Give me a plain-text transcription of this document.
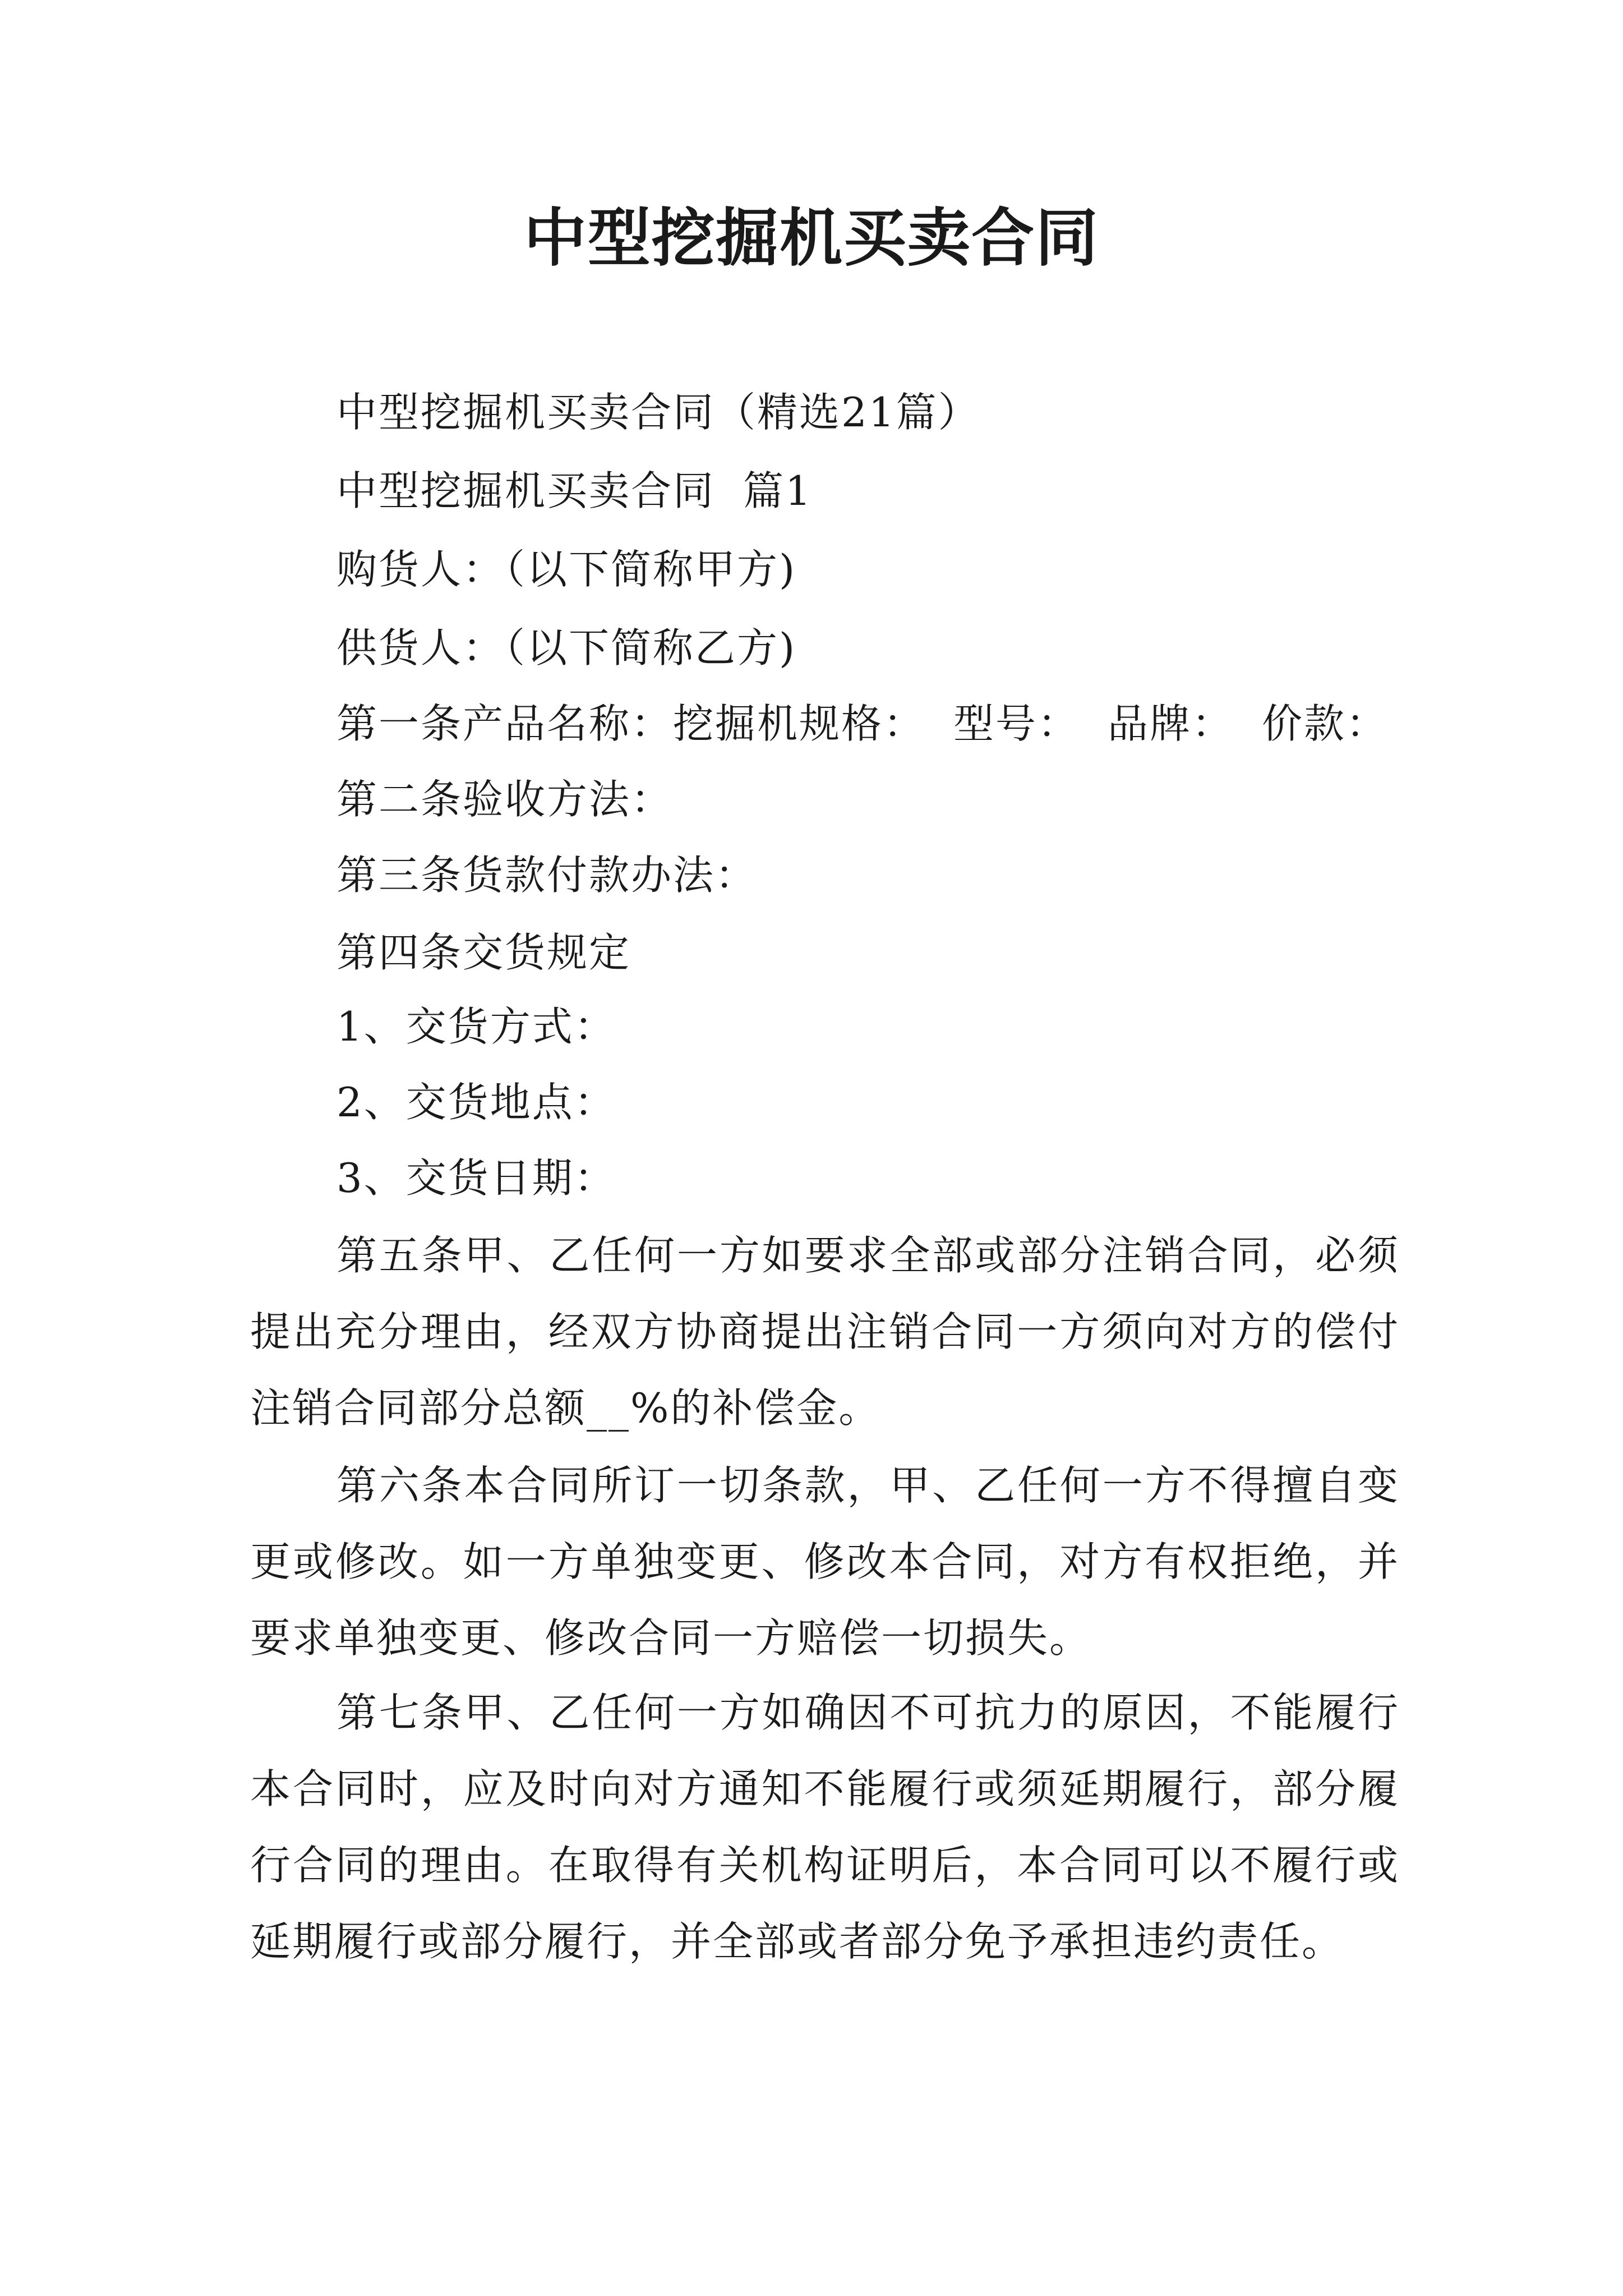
中型挖掘机买卖合同
中型挖掘机买卖合同（精选21篇）
中型挖掘机买卖合同 篇1
购货人：（以下简称甲方)
供货人：（以下简称乙方)
第一条产品名称：挖掘机规格： 型号： 品牌： 价款：
第二条验收方法：
第三条货款付款办法：
第四条交货规定
1、交货方式：
2、交货地点：
3、交货日期：
第五条甲、乙任何一方如要求全部或部分注销合同，必须提出充分理由，经双方协商提出注销合同一方须向对方的偿付注销合同部分总额__%的补偿金。
第六条本合同所订一切条款，甲、乙任何一方不得擅自变更或修改。如一方单独变更、修改本合同，对方有权拒绝，并要求单独变更、修改合同一方赔偿一切损失。
第七条甲、乙任何一方如确因不可抗力的原因，不能履行本合同时，应及时向对方通知不能履行或须延期履行，部分履行合同的理由。在取得有关机构证明后，本合同可以不履行或延期履行或部分履行，并全部或者部分免予承担违约责任。
